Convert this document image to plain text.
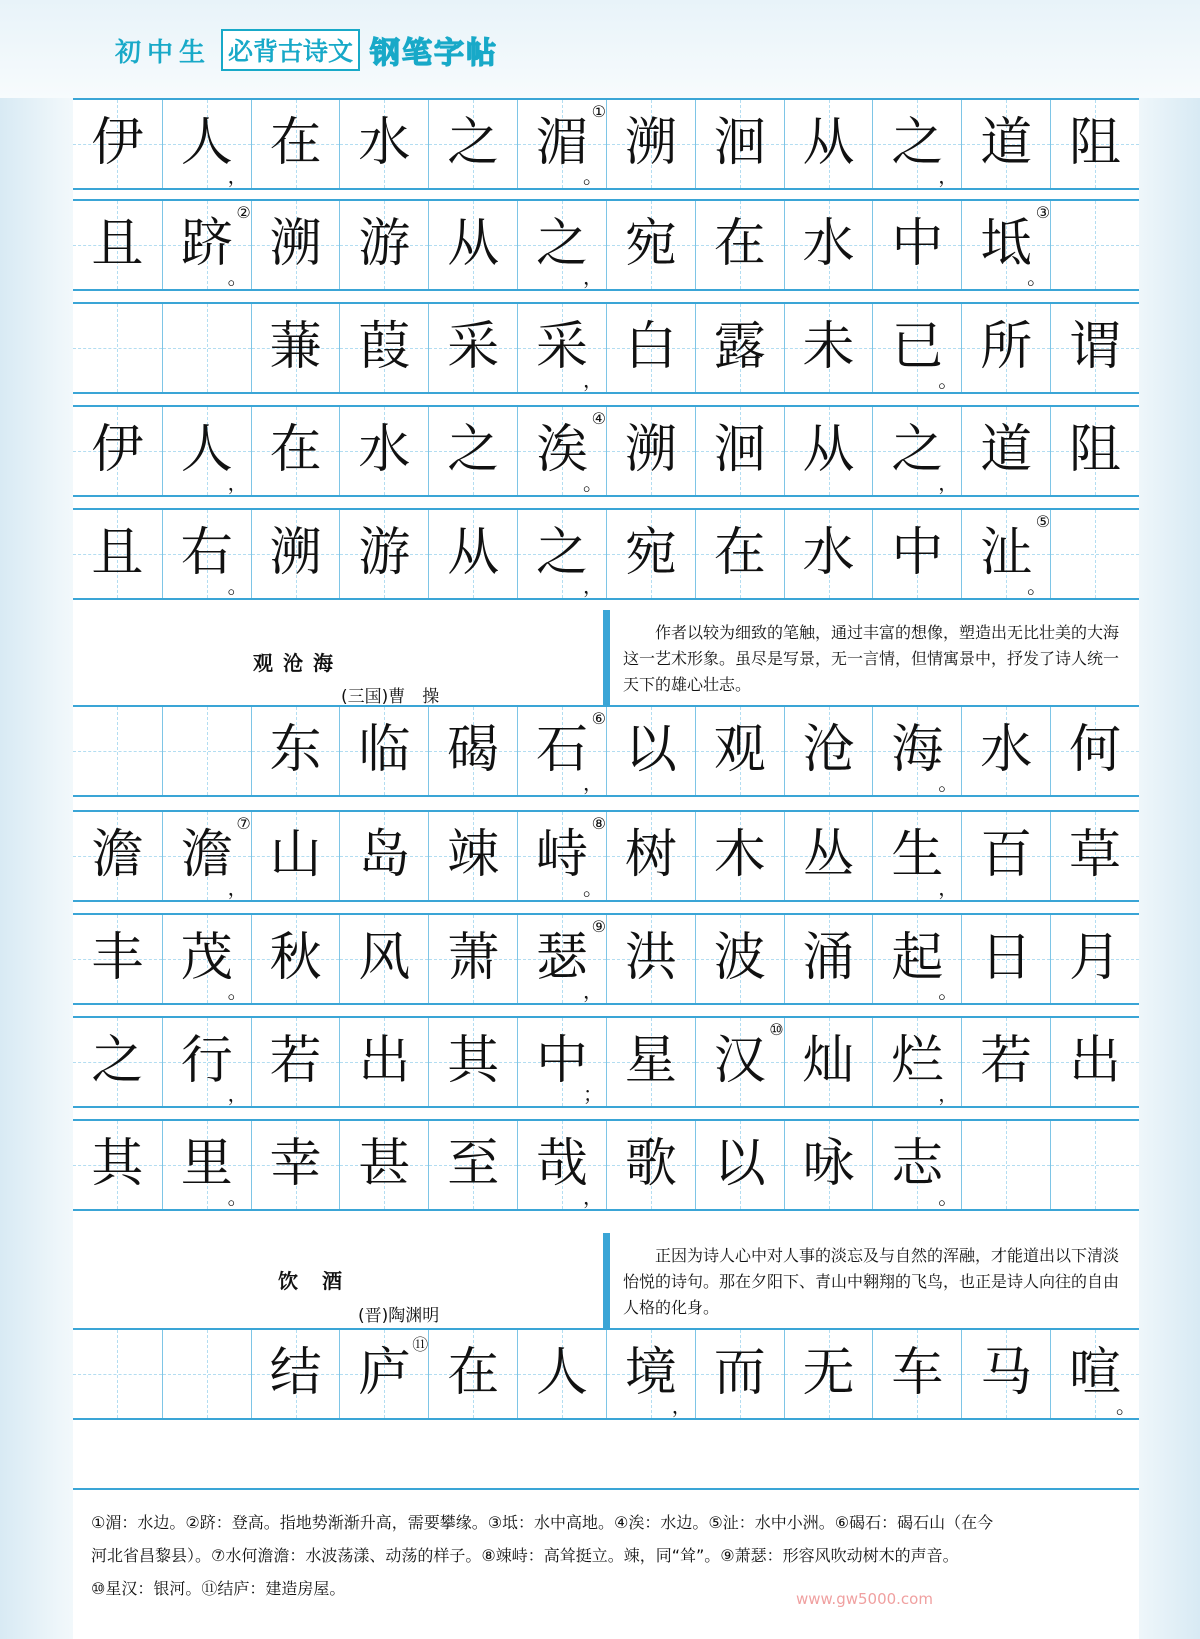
初中生 必背古诗文 钢笔字帖
伊 人
，
在 水 之 湄
。
①
溯 洄 从 之
，
道 阻
且 跻
。
②
溯 游 从 之
，
宛 在 水 中 坻
。
③
蒹 葭 采 采
，
白 露 未 已
。
所 谓
伊 人
，
在 水 之 涘
。
④
溯 洄 从 之
，
道 阻
且 右
。
溯 游 从 之
，
宛 在 水 中 沚
。
⑤
观沧海
(三国)曹　操
作者以较为细致的笔触，通过丰富的想像，塑造出无比壮美的大海这一艺术形象。虽尽是写景，无一言情，但情寓景中，抒发了诗人统一天下的雄心壮志。
东 临 碣 石
，
⑥
以 观 沧 海
。
水 何
澹 澹
，
⑦
山 岛 竦 峙
。
⑧
树 木 丛 生
，
百 草
丰 茂
。
秋 风 萧 瑟
，
⑨
洪 波 涌 起
。
日 月
之 行
，
若 出 其 中
；
星 汉
⑩
灿 烂
，
若 出
其 里
。
幸 甚 至 哉
，
歌 以 咏 志
。
饮酒
(晋)陶渊明
正因为诗人心中对人事的淡忘及与自然的浑融，才能道出以下清淡怡悦的诗句。那在夕阳下、青山中翱翔的飞鸟，也正是诗人向往的自由人格的化身。
结 庐 ⑪ 在 人 境
，
而 无 车 马 喧
。

①湄：水边。②跻：登高。指地势渐渐升高，需要攀缘。③坻：水中高地。④涘：水边。⑤沚：水中小洲。⑥碣石：碣石山（在今

河北省昌黎县）。⑦水何澹澹：水波荡漾、动荡的样子。⑧竦峙：高耸挺立。竦，同“耸”。⑨萧瑟：形容风吹动树木的声音。

⑩星汉：银河。⑪结庐：建造房屋。

www.gw5000.com
